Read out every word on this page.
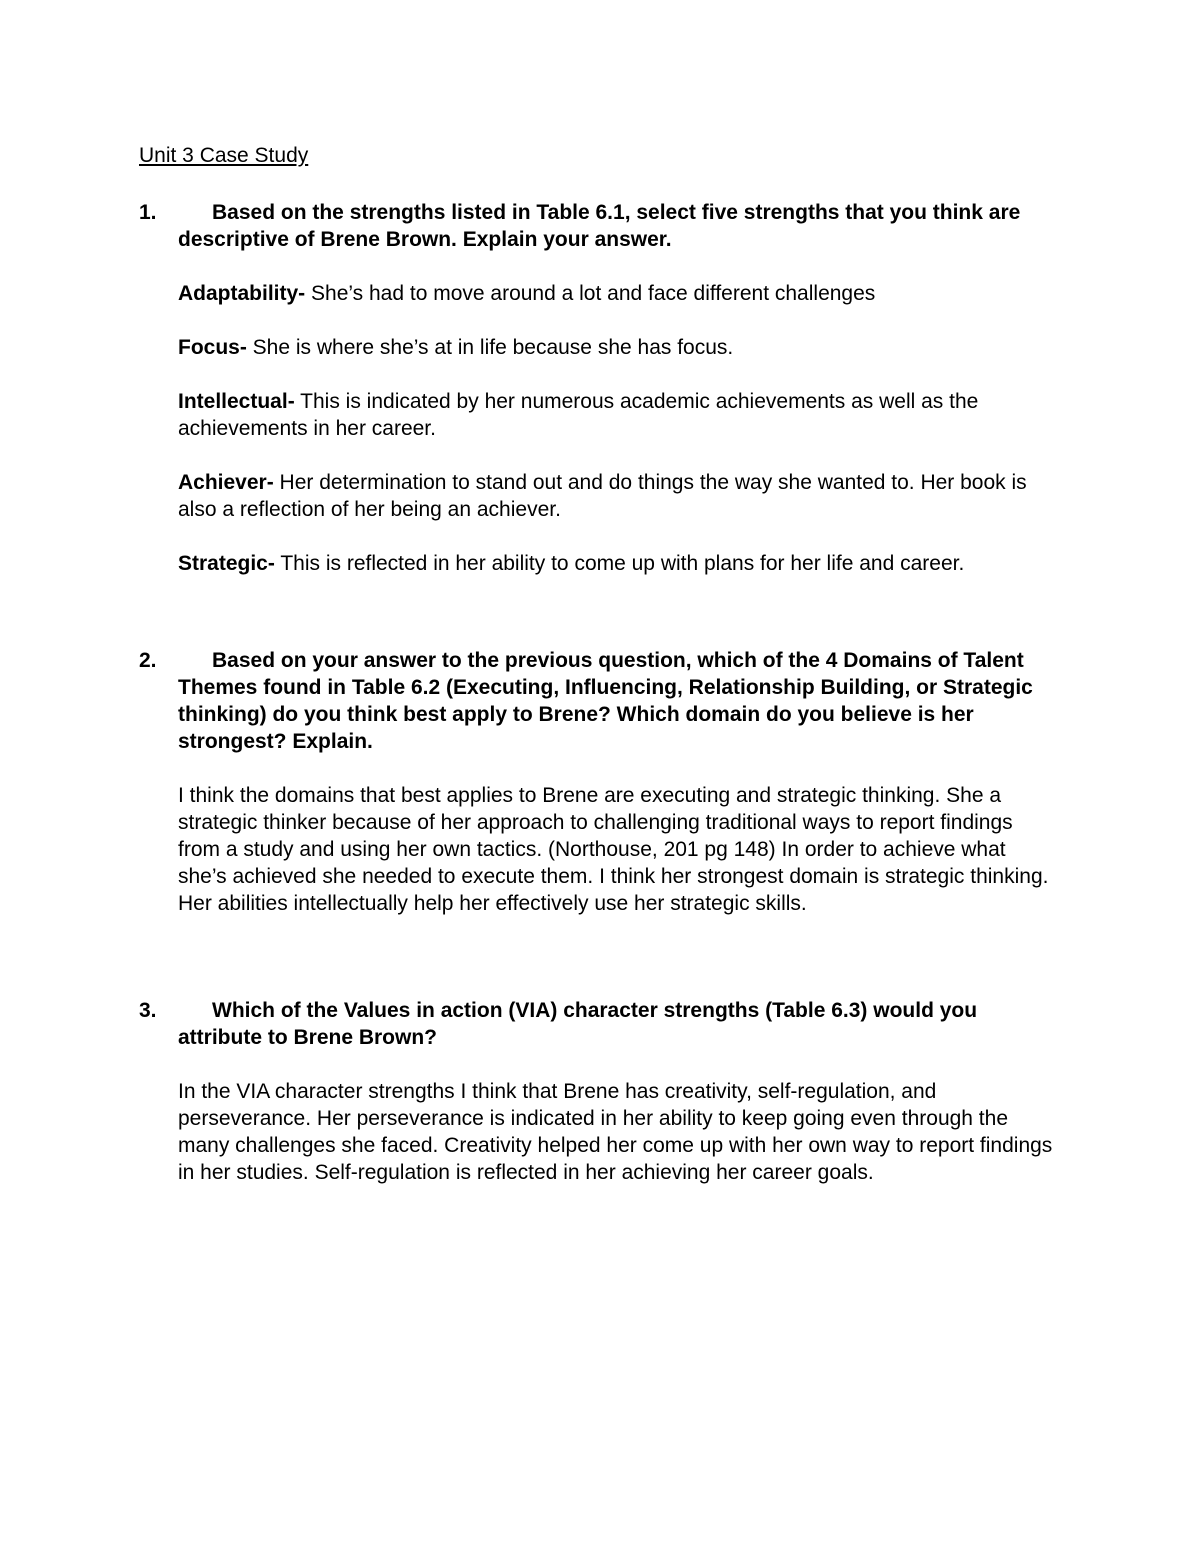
Unit 3 Case Study

1.	Based on the strengths listed in Table 6.1, select five strengths that you think are descriptive of Brene Brown. Explain your answer.

Adaptability- She’s had to move around a lot and face different challenges

Focus- She is where she’s at in life because she has focus.

Intellectual- This is indicated by her numerous academic achievements as well as the achievements in her career.

Achiever- Her determination to stand out and do things the way she wanted to. Her book is also a reflection of her being an achiever.

Strategic- This is reflected in her ability to come up with plans for her life and career.

2.	Based on your answer to the previous question, which of the 4 Domains of Talent Themes found in Table 6.2 (Executing, Influencing, Relationship Building, or Strategic thinking) do you think best apply to Brene? Which domain do you believe is her strongest? Explain.

I think the domains that best applies to Brene are executing and strategic thinking. She a strategic thinker because of her approach to challenging traditional ways to report findings from a study and using her own tactics. (Northouse, 201 pg 148) In order to achieve what she’s achieved she needed to execute them. I think her strongest domain is strategic thinking. Her abilities intellectually help her effectively use her strategic skills.

3.	Which of the Values in action (VIA) character strengths (Table 6.3) would you attribute to Brene Brown?

In the VIA character strengths I think that Brene has creativity, self-regulation, and perseverance. Her perseverance is indicated in her ability to keep going even through the many challenges she faced. Creativity helped her come up with her own way to report findings in her studies. Self-regulation is reflected in her achieving her career goals.
